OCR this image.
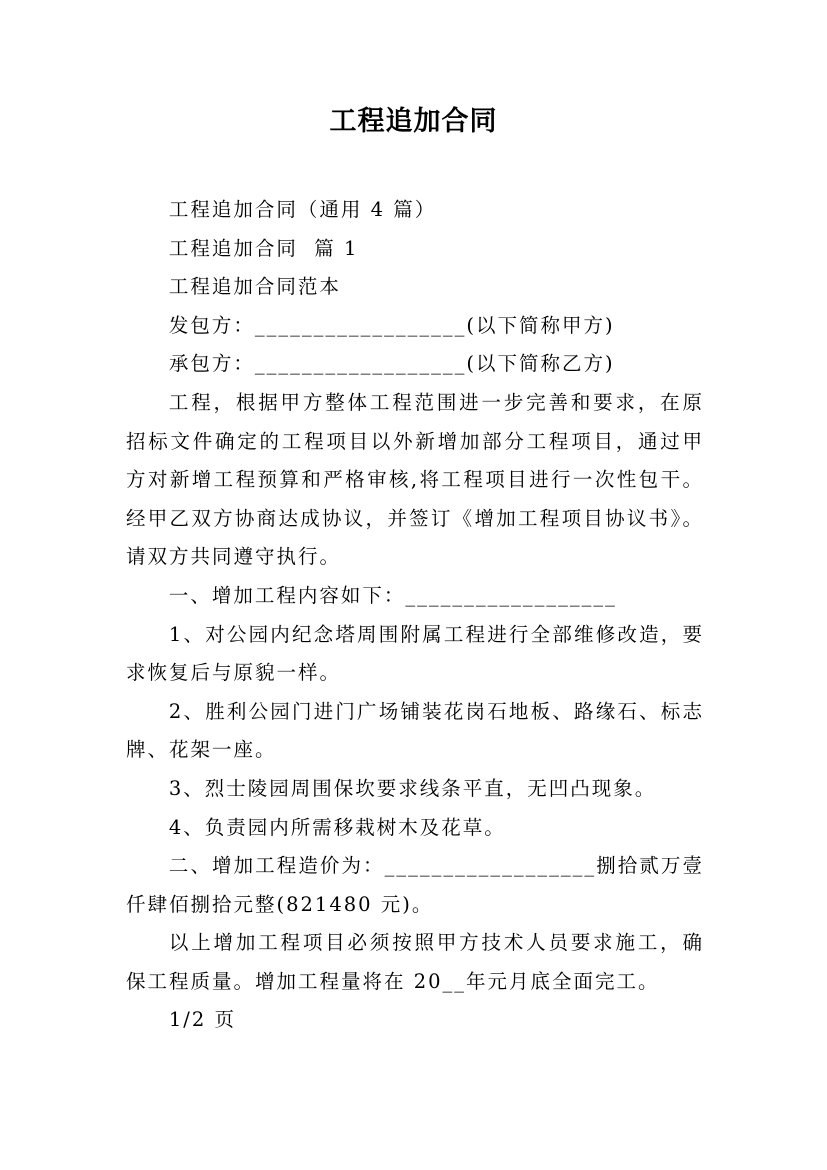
工程追加合同

工程追加合同（通用 4 篇）

工程追加合同  篇 1

工程追加合同范本

发包方：__________________(以下简称甲方)

承包方：__________________(以下简称乙方)

工程，根据甲方整体工程范围进一步完善和要求，在原招标文件确定的工程项目以外新增加部分工程项目，通过甲方对新增工程预算和严格审核,将工程项目进行一次性包干。经甲乙双方协商达成协议，并签订《增加工程项目协议书》。请双方共同遵守执行。

一、增加工程内容如下：__________________

1、对公园内纪念塔周围附属工程进行全部维修改造，要求恢复后与原貌一样。

2、胜利公园门进门广场铺装花岗石地板、路缘石、标志牌、花架一座。

3、烈士陵园周围保坎要求线条平直，无凹凸现象。

4、负责园内所需移栽树木及花草。

二、增加工程造价为：__________________捌拾贰万壹仟肆佰捌拾元整(821480 元)。

以上增加工程项目必须按照甲方技术人员要求施工，确保工程质量。增加工程量将在 20__年元月底全面完工。

1/2 页
